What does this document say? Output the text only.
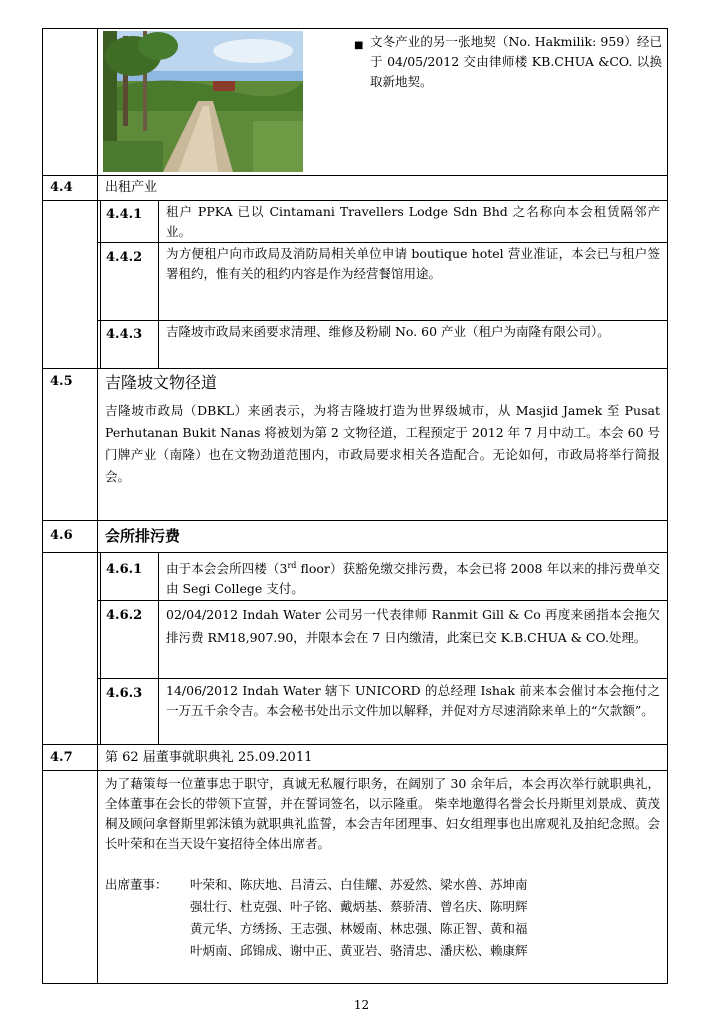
■ 文冬产业的另一张地契（No. Hakmilik: 959）经已于 04/05/2012 交由律师楼 KB.CHUA &CO. 以换取新地契。
4.4 出租产业
4.4.1 租户 PPKA 已以 Cintamani Travellers Lodge Sdn Bhd 之名称向本会租赁隔邻产业。
4.4.2 为方便租户向市政局及消防局相关单位申请 boutique hotel 营业准证，本会已与租户签署租约，惟有关的租约内容是作为经营餐馆用途。
4.4.3 吉隆坡市政局来函要求清理、维修及粉刷 No. 60 产业（租户为南隆有限公司）。
4.5 吉隆坡文物径道
吉隆坡市政局（DBKL）来函表示，为将吉隆坡打造为世界级城市，从 Masjid Jamek 至 Pusat Perhutanan Bukit Nanas 将被划为第 2 文物径道，工程预定于 2012 年 7 月中动工。本会 60 号门牌产业（南隆）也在文物劲道范围内，市政局要求相关各造配合。无论如何，市政局将举行简报会。
4.6 会所排污费
4.6.1 由于本会会所四楼（3rd floor）获豁免缴交排污费，本会已将 2008 年以来的排污费单交由 Segi College 支付。
4.6.2 02/04/2012 Indah Water 公司另一代表律师 Ranmit Gill & Co 再度来函指本会拖欠排污费 RM18,907.90，并限本会在 7 日内缴清，此案已交 K.B.CHUA & CO.处理。
4.6.3 14/06/2012 Indah Water 辖下 UNICORD 的总经理 Ishak 前来本会催讨本会拖付之一万五千余令吉。本会秘书处出示文件加以解释，并促对方尽速消除来单上的“欠款额”。
4.7 第 62 届董事就职典礼 25.09.2011
为了藉策每一位董事忠于职守，真诚无私履行职务，在阔别了 30 余年后，本会再次举行就职典礼，全体董事在会长的带领下宣誓，并在誓词签名，以示隆重。 柴幸地邀得名誉会长丹斯里刘景成、黄茂桐及顾问拿督斯里郭沫镇为就职典礼监誓，本会吉年团理事、妇女组理事也出席观礼及拍纪念照。会长叶荣和在当天设午宴招待全体出席者。
出席董事： 叶荣和、陈庆地、吕清云、白佳耀、苏爱然、梁水兽、苏坤南
强壮行、杜克强、叶子铭、戴炳基、蔡骄清、曾名庆、陈明辉
黄元华、方绣扬、王志强、林嫒南、林忠强、陈正智、黄和福
叶炳南、邱锦成、谢中正、黄亚岩、骆清忠、潘庆松、赖康辉
12
